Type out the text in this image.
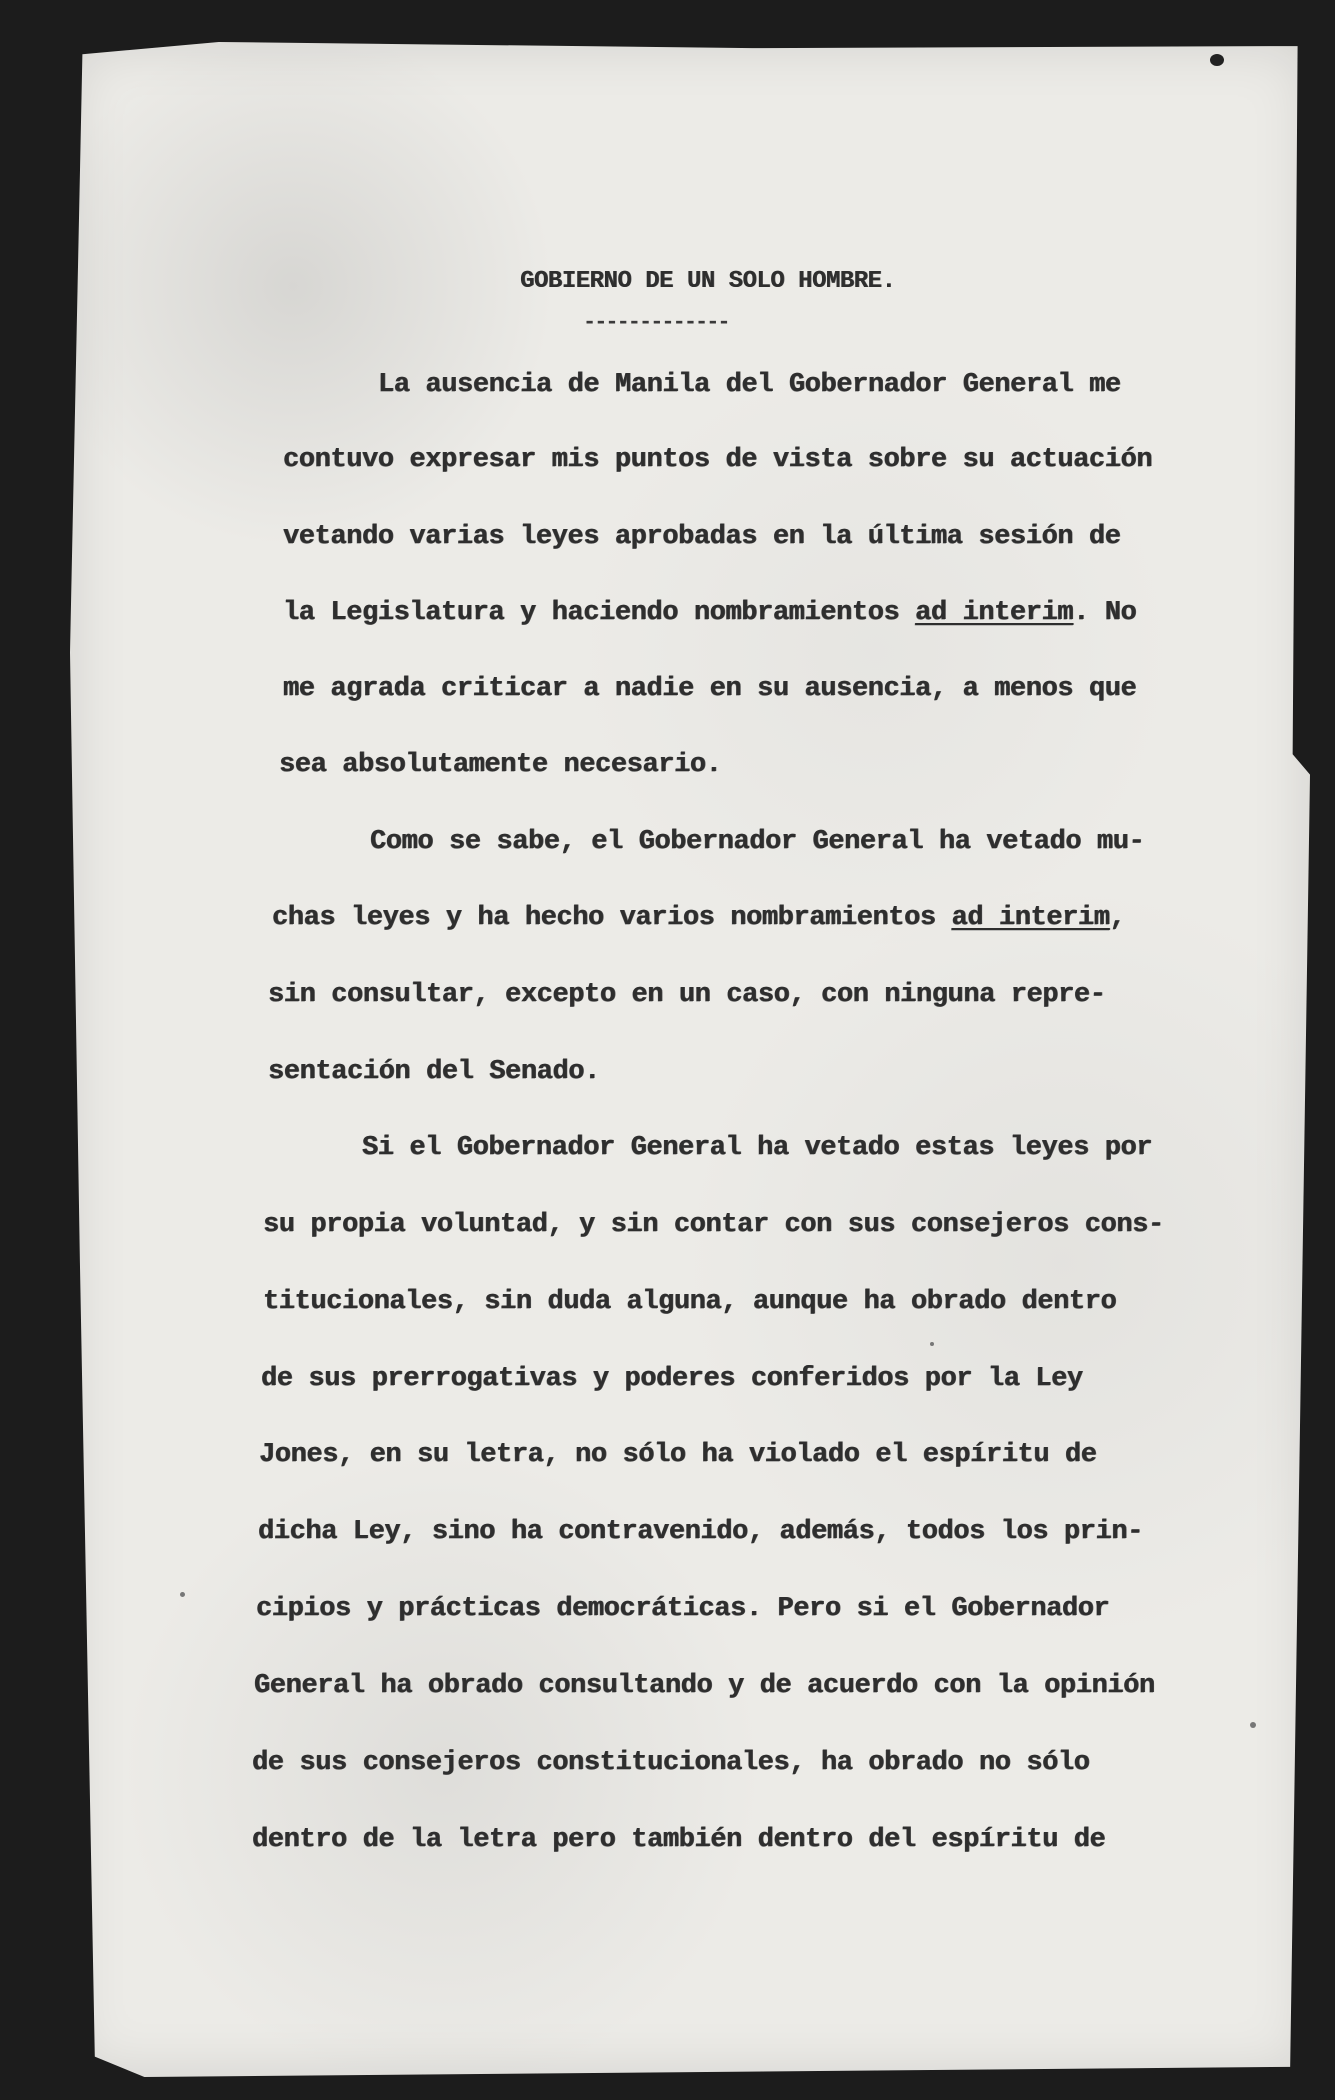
GOBIERNO DE UN SOLO HOMBRE.
-------------
La ausencia de Manila del Gobernador General me
contuvo expresar mis puntos de vista sobre su actuación
vetando varias leyes aprobadas en la última sesión de
la Legislatura y haciendo nombramientos ad interim. No
me agrada criticar a nadie en su ausencia, a menos que
sea absolutamente necesario.
Como se sabe, el Gobernador General ha vetado mu-
chas leyes y ha hecho varios nombramientos ad interim,
sin consultar, excepto en un caso, con ninguna repre-
sentación del Senado.
Si el Gobernador General ha vetado estas leyes por
su propia voluntad, y sin contar con sus consejeros cons-
titucionales, sin duda alguna, aunque ha obrado dentro
de sus prerrogativas y poderes conferidos por la Ley
Jones, en su letra, no sólo ha violado el espíritu de
dicha Ley, sino ha contravenido, además, todos los prin-
cipios y prácticas democráticas. Pero si el Gobernador
General ha obrado consultando y de acuerdo con la opinión
de sus consejeros constitucionales, ha obrado no sólo
dentro de la letra pero también dentro del espíritu de
